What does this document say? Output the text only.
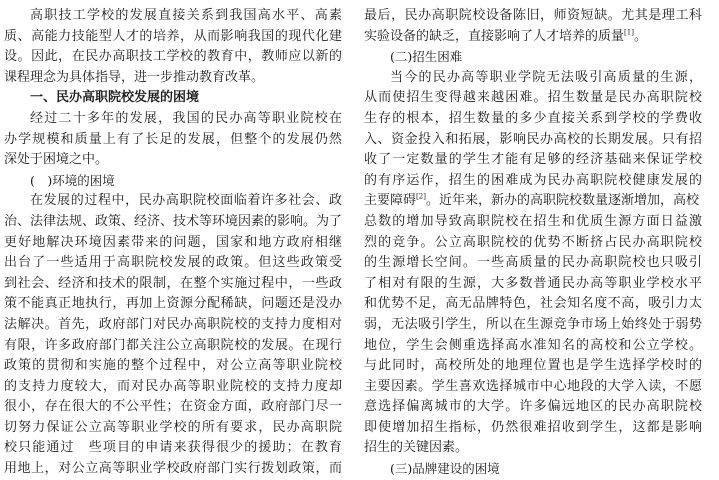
高职技工学校的发展直接关系到我国高水平、高素
质、高能力技能型人才的培养，从而影响我国的现代化建
设。因此，在民办高职技工学校的教育中，教师应以新的
课程理念为具体指导，进一步推动教育改革。
一、民办高职院校发展的困境
经过二十多年的发展，我国的民办高等职业院校在
办学规模和质量上有了长足的发展，但整个的发展仍然
深处于困境之中。
(　)环境的困境
在发展的过程中，民办高职院校面临着许多社会、政
治、法律法规、政策、经济、技术等环境因素的影响。为了
更好地解决环境因素带来的问题，国家和地方政府相继
出台了一些适用于高职院校发展的政策。但这些政策受
到社会、经济和技术的限制，在整个实施过程中，一些政
策不能真正地执行，再加上资源分配稀缺，问题还是没办
法解决。首先，政府部门对民办高职院校的支持力度相对
有限，许多政府部门都关注公立高职院校的发展。在现行
政策的贯彻和实施的整个过程中，对公立高等职业院校
的支持力度较大，而对民办高等职业院校的支持力度却
很小，存在很大的不公平性；在资金方面，政府部门尽一
切努力保证公立高等职业学校的所有要求，民办高职院
校只能通过　些项目的申请来获得很少的援助；在教育
用地上，对公立高等职业学校政府部门实行拨划政策，而
最后，民办高职院校设备陈旧，师资短缺。尤其是理工科
实验设备的缺乏，直接影响了人才培养的质量[1]。
(二)招生困难
当今的民办高等职业学院无法吸引高质量的生源，
从而使招生变得越来越困难。招生数量是民办高职院校
生存的根本，招生数量的多少直接关系到学校的学费收
入、资金投入和拓展，影响民办高校的长期发展。只有招
收了一定数量的学生才能有足够的经济基础来保证学校
的有序运作，招生的困难成为民办高职院校健康发展的
主要障碍[2]。近年来，新办的高职院校数量逐渐增加，高校
总数的增加导致高职院校在招生和优质生源方面日益激
烈的竞争。公立高职院校的优势不断挤占民办高职院校
的生源增长空间。一些高质量的民办高职院校也只吸引
了相对有限的生源，大多数普通民办高等职业学校水平
和优势不足，高无品牌特色，社会知名度不高，吸引力太
弱，无法吸引学生，所以在生源竞争市场上始终处于弱势
地位，学生会侧重选择高水准知名的高校和公立学校。
与此同时，高校所处的地理位置也是学生选择学校时的
主要因素。学生喜欢选择城市中心地段的大学入读，不愿
意选择偏离城市的大学。许多偏远地区的民办高职院校
即使增加招生指标，仍然很难招收到学生，这都是影响
招生的关键因素。
(三)品牌建设的困境
